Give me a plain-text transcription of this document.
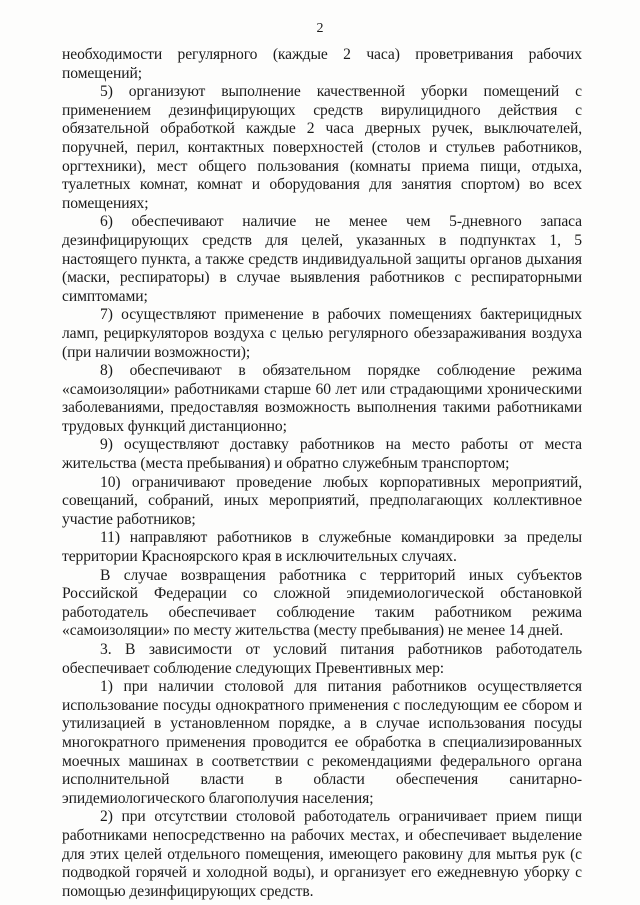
2

необходимости регулярного (каждые 2 часа) проветривания рабочих помещений;

5) организуют выполнение качественной уборки помещений с применением дезинфицирующих средств вирулицидного действия с обязательной обработкой каждые 2 часа дверных ручек, выключателей, поручней, перил, контактных поверхностей (столов и стульев работников, оргтехники), мест общего пользования (комнаты приема пищи, отдыха, туалетных комнат, комнат и оборудования для занятия спортом) во всех помещениях;

6) обеспечивают наличие не менее чем 5-дневного запаса дезинфицирующих средств для целей, указанных в подпунктах 1, 5 настоящего пункта, а также средств индивидуальной защиты органов дыхания (маски, респираторы) в случае выявления работников с респираторными симптомами;

7) осуществляют применение в рабочих помещениях бактерицидных ламп, рециркуляторов воздуха с целью регулярного обеззараживания воздуха (при наличии возможности);

8) обеспечивают в обязательном порядке соблюдение режима «самоизоляции» работниками старше 60 лет или страдающими хроническими заболеваниями, предоставляя возможность выполнения такими работниками трудовых функций дистанционно;

9) осуществляют доставку работников на место работы от места жительства (места пребывания) и обратно служебным транспортом;

10) ограничивают проведение любых корпоративных мероприятий, совещаний, собраний, иных мероприятий, предполагающих коллективное участие работников;

11) направляют работников в служебные командировки за пределы территории Красноярского края в исключительных случаях.

В случае возвращения работника с территорий иных субъектов Российской Федерации со сложной эпидемиологической обстановкой работодатель обеспечивает соблюдение таким работником режима «самоизоляции» по месту жительства (месту пребывания) не менее 14 дней.

3. В зависимости от условий питания работников работодатель обеспечивает соблюдение следующих Превентивных мер:

1) при наличии столовой для питания работников осуществляется использование посуды однократного применения с последующим ее сбором и утилизацией в установленном порядке, а в случае использования посуды многократного применения проводится ее обработка в специализированных моечных машинах в соответствии с рекомендациями федерального органа исполнительной власти в области обеспечения санитарно-эпидемиологического благополучия населения;

2) при отсутствии столовой работодатель ограничивает прием пищи работниками непосредственно на рабочих местах, и обеспечивает выделение для этих целей отдельного помещения, имеющего раковину для мытья рук (с подводкой горячей и холодной воды), и организует его ежедневную уборку с помощью дезинфицирующих средств.
